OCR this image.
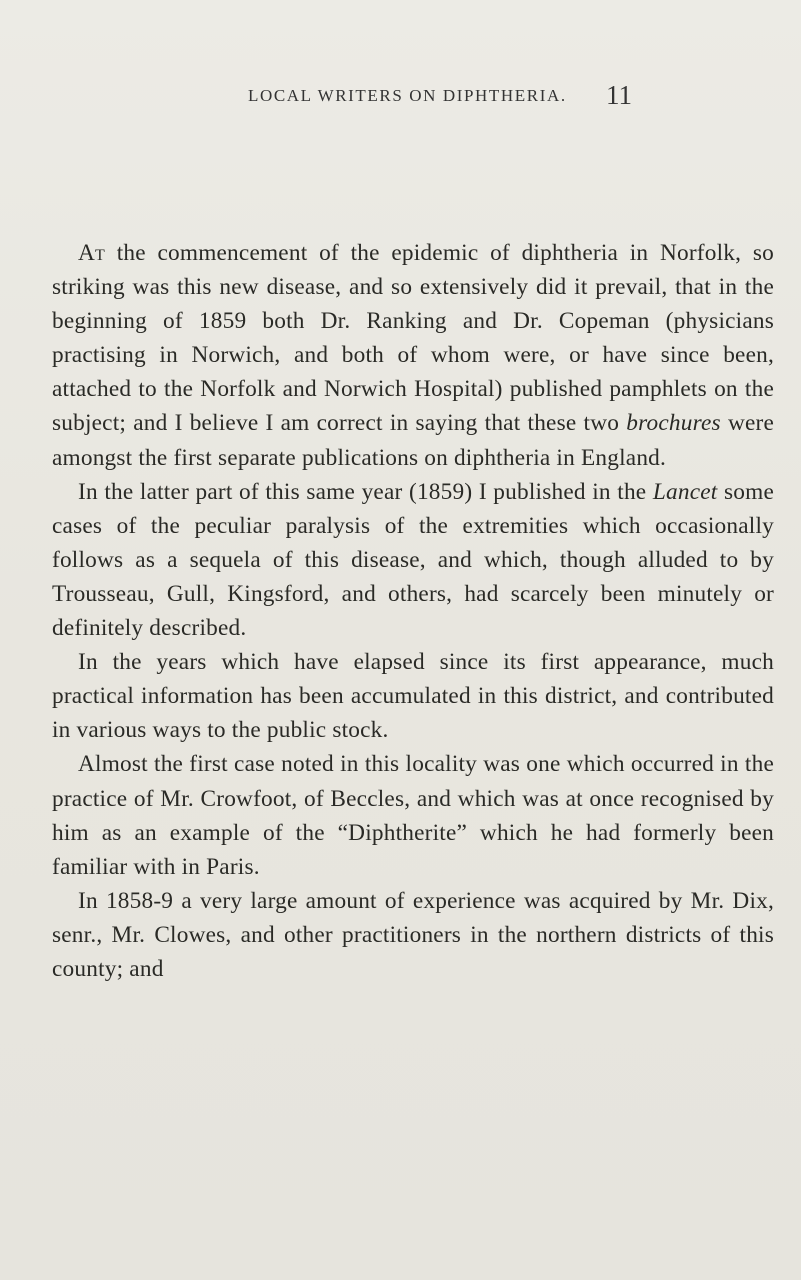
LOCAL WRITERS ON DIPHTHERIA. 11

At the commencement of the epidemic of diphtheria in Norfolk, so striking was this new disease, and so extensively did it prevail, that in the beginning of 1859 both Dr. Ranking and Dr. Copeman (physicians practising in Norwich, and both of whom were, or have since been, attached to the Norfolk and Norwich Hospital) published pamphlets on the subject; and I believe I am correct in saying that these two brochures were amongst the first separate publications on diphtheria in England.

In the latter part of this same year (1859) I published in the Lancet some cases of the peculiar paralysis of the extremities which occasionally follows as a sequela of this disease, and which, though alluded to by Trousseau, Gull, Kingsford, and others, had scarcely been minutely or definitely described.

In the years which have elapsed since its first appearance, much practical information has been accumulated in this district, and contributed in various ways to the public stock.

Almost the first case noted in this locality was one which occurred in the practice of Mr. Crowfoot, of Beccles, and which was at once recognised by him as an example of the “Diphtherite” which he had formerly been familiar with in Paris.

In 1858-9 a very large amount of experience was acquired by Mr. Dix, senr., Mr. Clowes, and other practitioners in the northern districts of this county; and
